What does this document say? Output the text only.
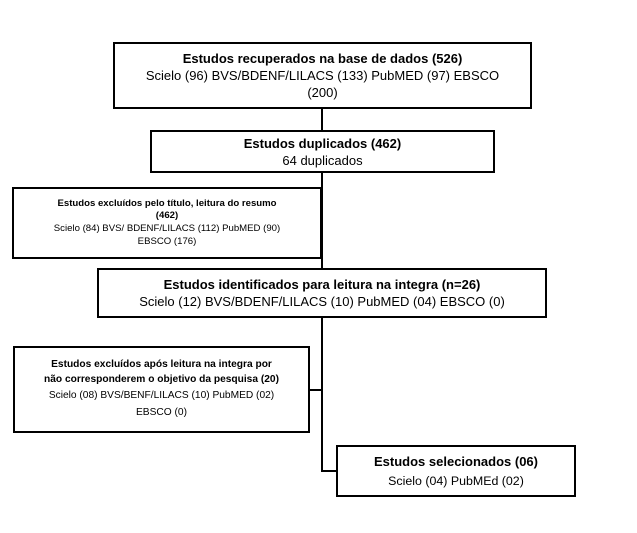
Estudos recuperados na base de dados (526)
Scielo (96) BVS/BDENF/LILACS (133) PubMED (97) EBSCO
(200)
Estudos duplicados (462)
64 duplicados
Estudos excluídos pelo título, leitura do resumo
(462)
Scielo (84) BVS/ BDENF/LILACS (112) PubMED (90)
EBSCO (176)
Estudos identificados para leitura na integra (n=26)
Scielo (12) BVS/BDENF/LILACS (10) PubMED (04) EBSCO (0)
Estudos excluídos após leitura na integra por
não corresponderem o objetivo da pesquisa (20)
Scielo (08) BVS/BENF/LILACS (10) PubMED (02)
EBSCO (0)
Estudos selecionados (06)
Scielo (04) PubMEd (02)
